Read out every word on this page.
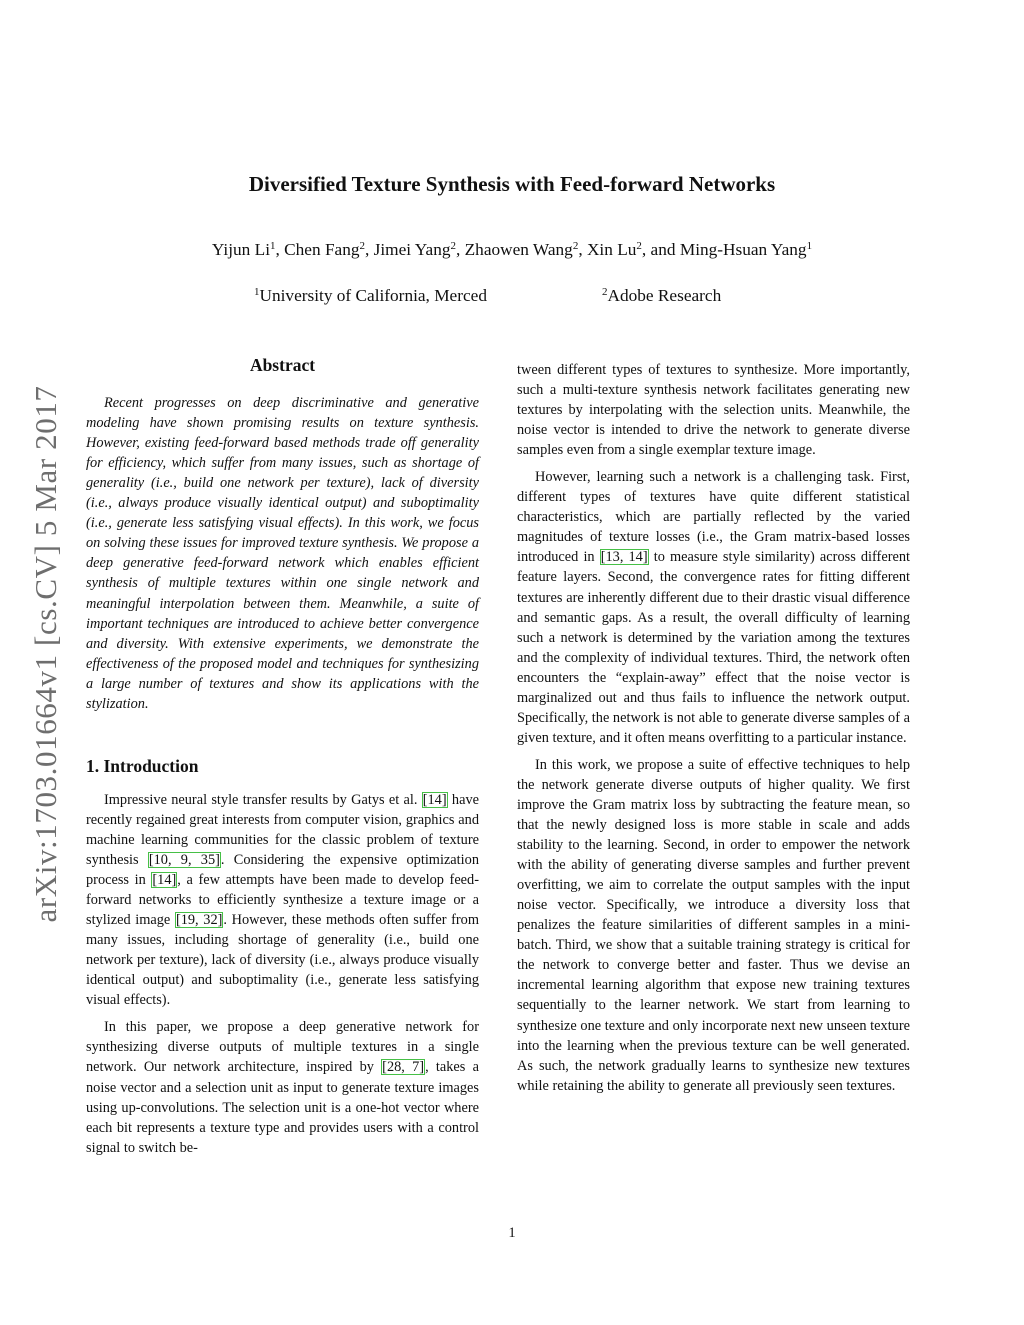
arXiv:1703.01664v1 [cs.CV] 5 Mar 2017
Diversified Texture Synthesis with Feed-forward Networks

Yijun Li$^1$, Chen Fang$^2$, Jimei Yang$^2$, Zhaowen Wang$^2$, Xin Lu$^2$, and Ming-Hsuan Yang$^1$

$^1$University of California, Merced	$^2$Adobe Research

Abstract

Recent progresses on deep discriminative and generative modeling have shown promising results on texture synthesis. However, existing feed-forward based methods trade off generality for efficiency, which suffer from many issues, such as shortage of generality (i.e., build one network per texture), lack of diversity (i.e., always produce visually identical output) and suboptimality (i.e., generate less satisfying visual effects). In this work, we focus on solving these issues for improved texture synthesis. We propose a deep generative feed-forward network which enables efficient synthesis of multiple textures within one single network and meaningful interpolation between them. Meanwhile, a suite of important techniques are introduced to achieve better convergence and diversity. With extensive experiments, we demonstrate the effectiveness of the proposed model and techniques for synthesizing a large number of textures and show its applications with the stylization.

1. Introduction

Impressive neural style transfer results by Gatys et al. [14] have recently regained great interests from computer vision, graphics and machine learning communities for the classic problem of texture synthesis [10, 9, 35]. Considering the expensive optimization process in [14], a few attempts have been made to develop feed-forward networks to efficiently synthesize a texture image or a stylized image [19, 32]. However, these methods often suffer from many issues, including shortage of generality (i.e., build one network per texture), lack of diversity (i.e., always produce visually identical output) and suboptimality (i.e., generate less satisfying visual effects).

In this paper, we propose a deep generative network for synthesizing diverse outputs of multiple textures in a single network. Our network architecture, inspired by [28, 7], takes a noise vector and a selection unit as input to generate texture images using up-convolutions. The selection unit is a one-hot vector where each bit represents a texture type and provides users with a control signal to switch be-

tween different types of textures to synthesize. More importantly, such a multi-texture synthesis network facilitates generating new textures by interpolating with the selection units. Meanwhile, the noise vector is intended to drive the network to generate diverse samples even from a single exemplar texture image.

However, learning such a network is a challenging task. First, different types of textures have quite different statistical characteristics, which are partially reflected by the varied magnitudes of texture losses (i.e., the Gram matrix-based losses introduced in [13, 14] to measure style similarity) across different feature layers. Second, the convergence rates for fitting different textures are inherently different due to their drastic visual difference and semantic gaps. As a result, the overall difficulty of learning such a network is determined by the variation among the textures and the complexity of individual textures. Third, the network often encounters the “explain-away” effect that the noise vector is marginalized out and thus fails to influence the network output. Specifically, the network is not able to generate diverse samples of a given texture, and it often means overfitting to a particular instance.

In this work, we propose a suite of effective techniques to help the network generate diverse outputs of higher quality. We first improve the Gram matrix loss by subtracting the feature mean, so that the newly designed loss is more stable in scale and adds stability to the learning. Second, in order to empower the network with the ability of generating diverse samples and further prevent overfitting, we aim to correlate the output samples with the input noise vector. Specifically, we introduce a diversity loss that penalizes the feature similarities of different samples in a mini-batch. Third, we show that a suitable training strategy is critical for the network to converge better and faster. Thus we devise an incremental learning algorithm that expose new training textures sequentially to the learner network. We start from learning to synthesize one texture and only incorporate next new unseen texture into the learning when the previous texture can be well generated. As such, the network gradually learns to synthesize new textures while retaining the ability to generate all previously seen textures.

1
